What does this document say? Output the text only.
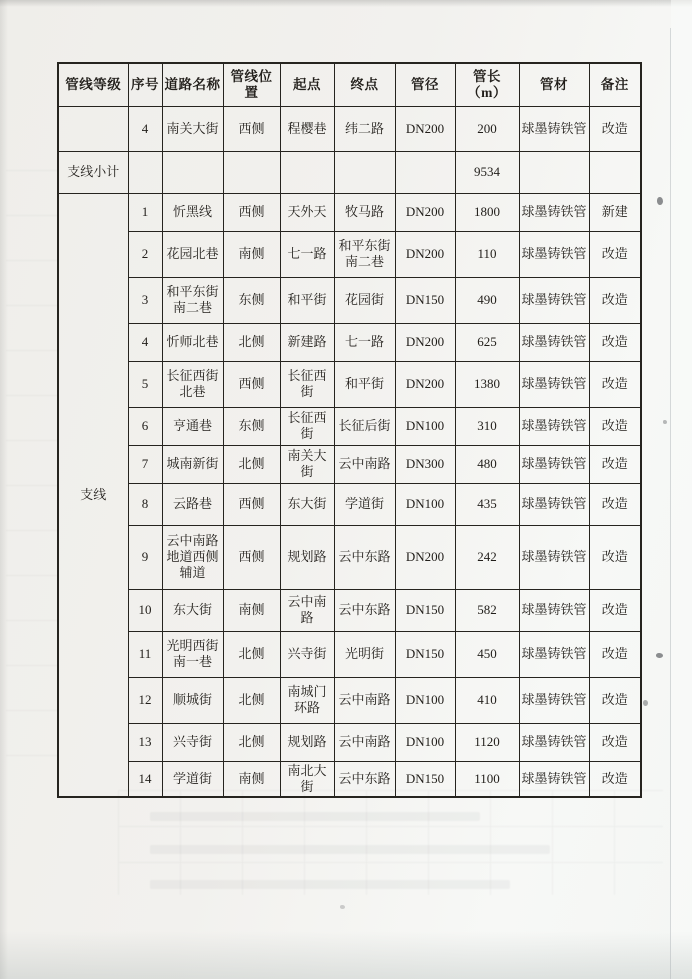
管线等级	序号	道路名称	管线位置	起点	终点	管径	管长（m）	管材	备注
	4	南关大街	西侧	程樱巷	纬二路	DN200	200	球墨铸铁管	改造
支线小计							9534		
支线	1	忻黑线	西侧	天外天	牧马路	DN200	1800	球墨铸铁管	新建
	2	花园北巷	南侧	七一路	和平东街南二巷	DN200	110	球墨铸铁管	改造
	3	和平东街南二巷	东侧	和平街	花园街	DN150	490	球墨铸铁管	改造
	4	忻师北巷	北侧	新建路	七一路	DN200	625	球墨铸铁管	改造
	5	长征西街北巷	西侧	长征西街	和平街	DN200	1380	球墨铸铁管	改造
	6	亨通巷	东侧	长征西街	长征后街	DN100	310	球墨铸铁管	改造
	7	城南新街	北侧	南关大街	云中南路	DN300	480	球墨铸铁管	改造
	8	云路巷	西侧	东大街	学道街	DN100	435	球墨铸铁管	改造
	9	云中南路地道西侧辅道	西侧	规划路	云中东路	DN200	242	球墨铸铁管	改造
	10	东大街	南侧	云中南路	云中东路	DN150	582	球墨铸铁管	改造
	11	光明西街南一巷	北侧	兴寺街	光明街	DN150	450	球墨铸铁管	改造
	12	顺城街	北侧	南城门环路	云中南路	DN100	410	球墨铸铁管	改造
	13	兴寺街	北侧	规划路	云中南路	DN100	1120	球墨铸铁管	改造
	14	学道街	南侧	南北大街	云中东路	DN150	1100	球墨铸铁管	改造
